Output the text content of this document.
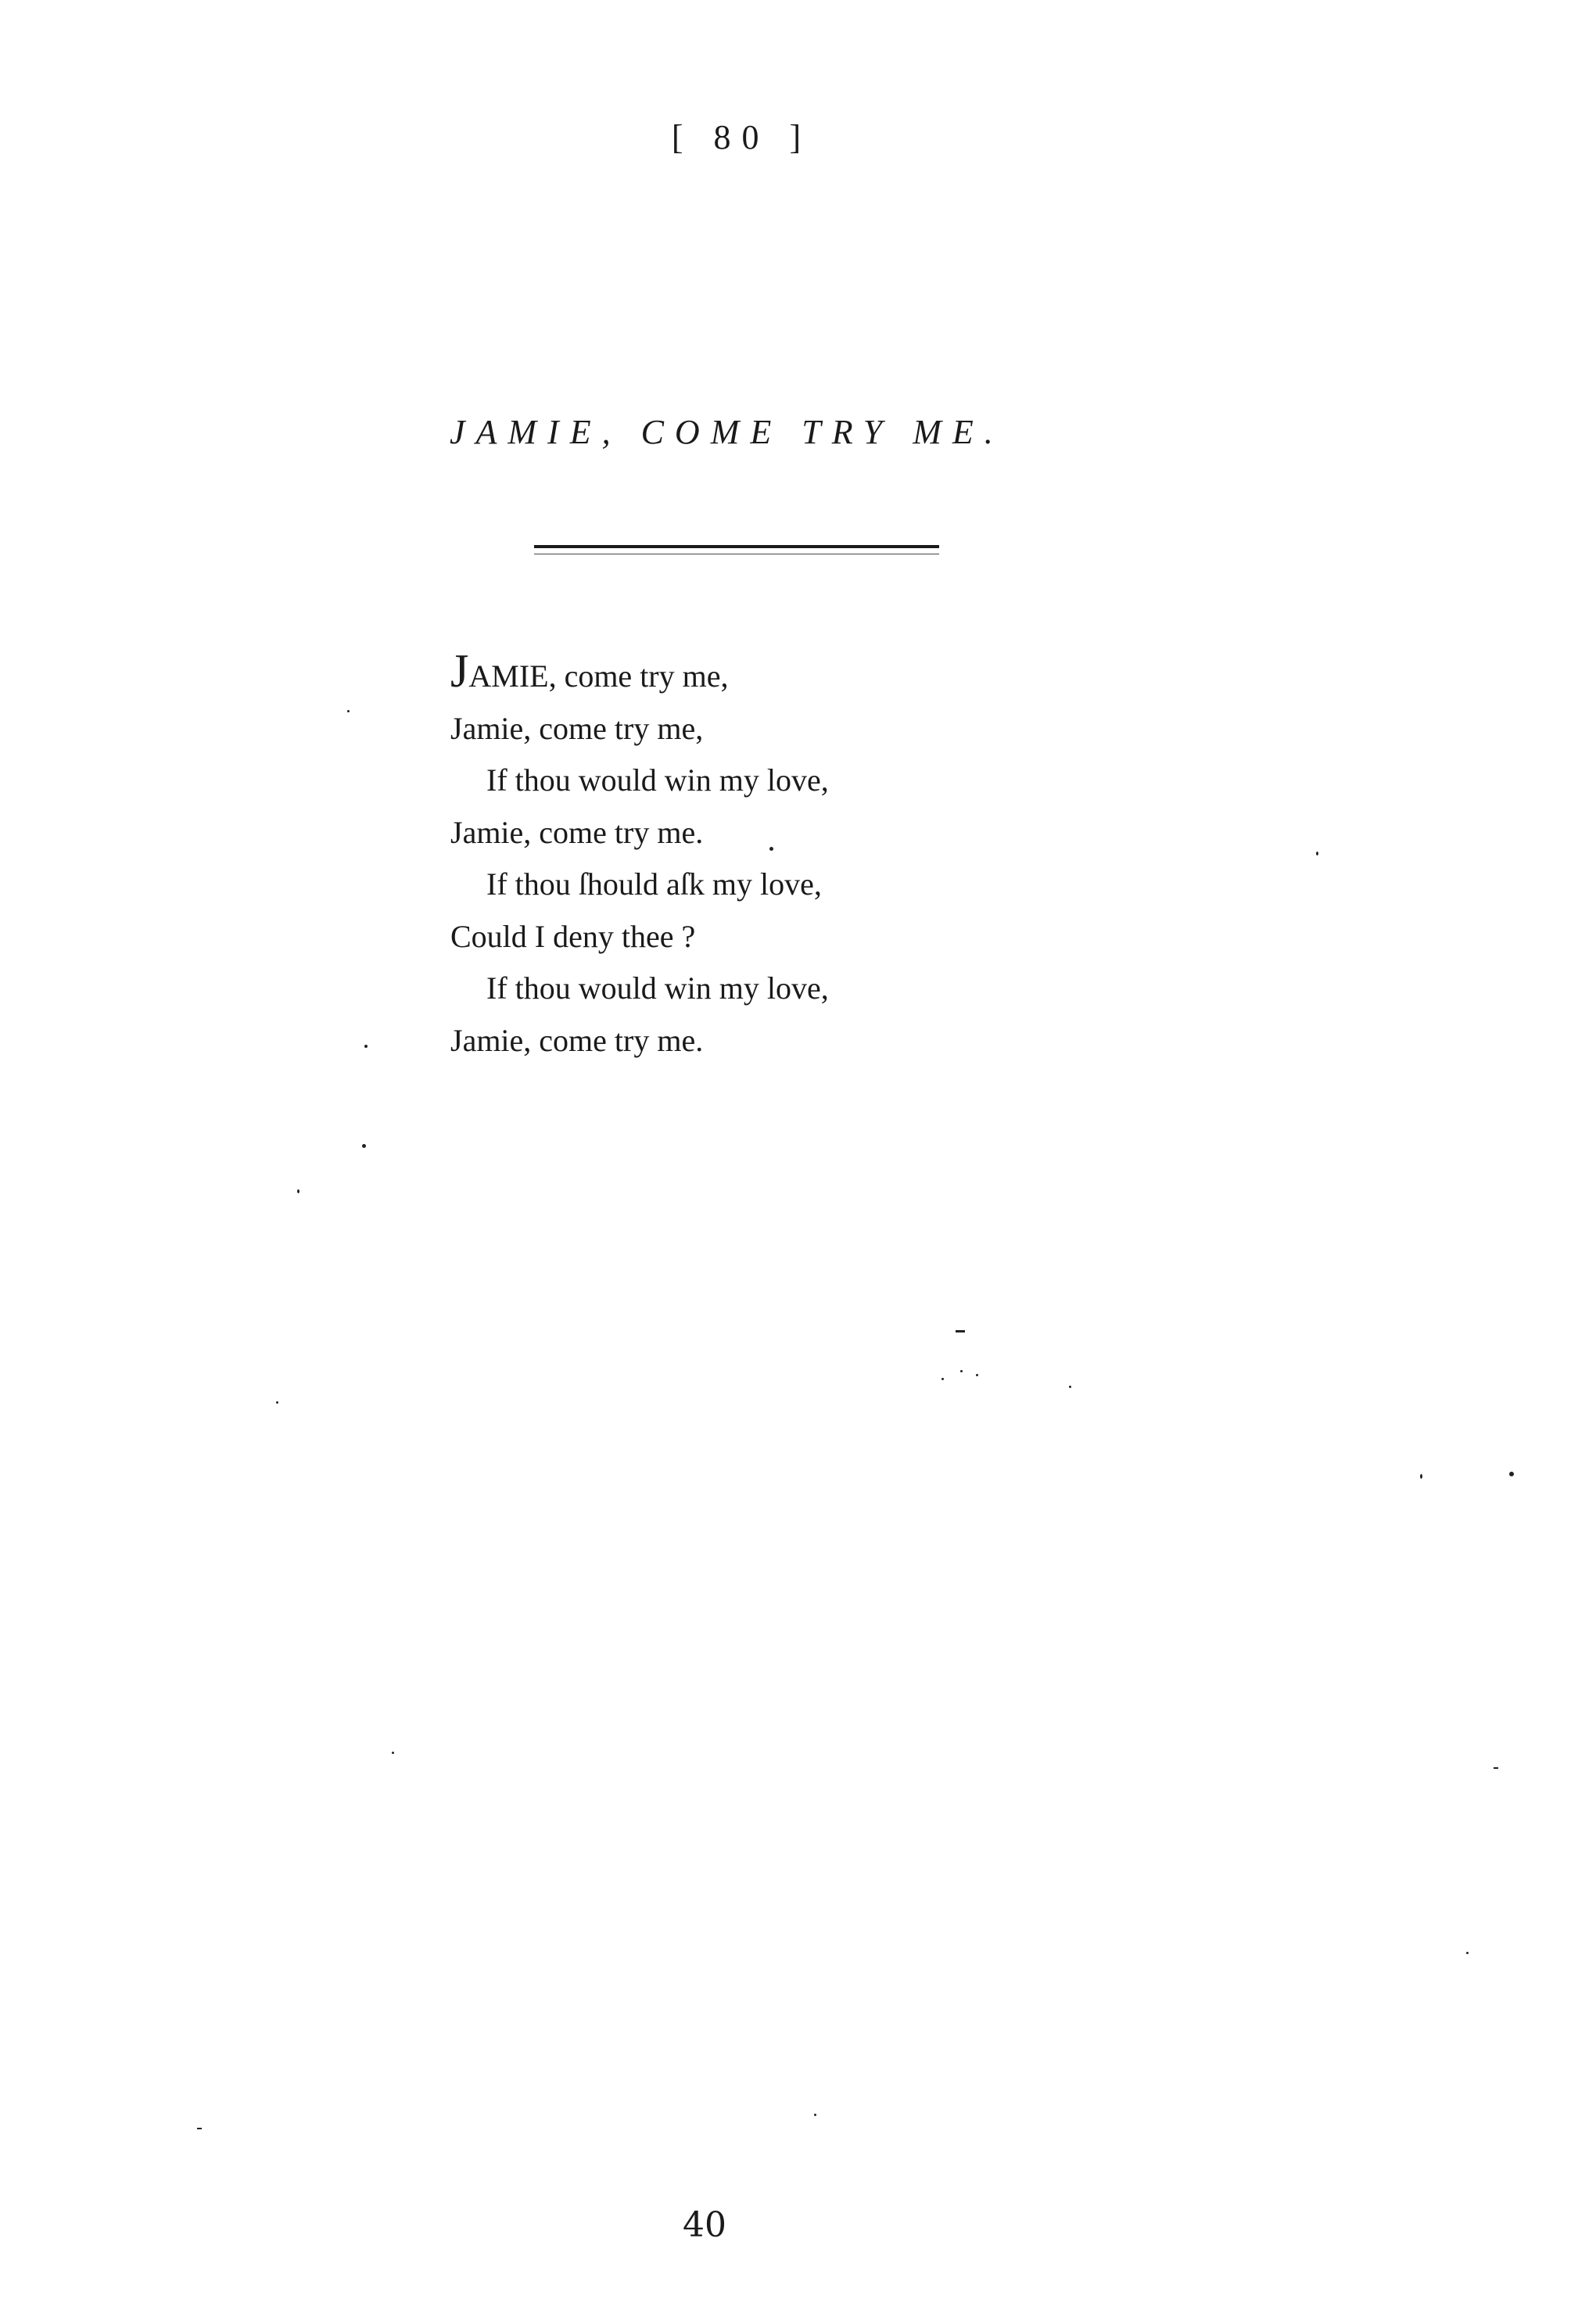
[ 80 ]
JAMIE, COME TRY ME.
JAMIE, come try me,
Jamie, come try me,
If thou would win my love,
Jamie, come try me.
If thou ſhould aſk my love,
Could I deny thee ?
If thou would win my love,
Jamie, come try me.
40
